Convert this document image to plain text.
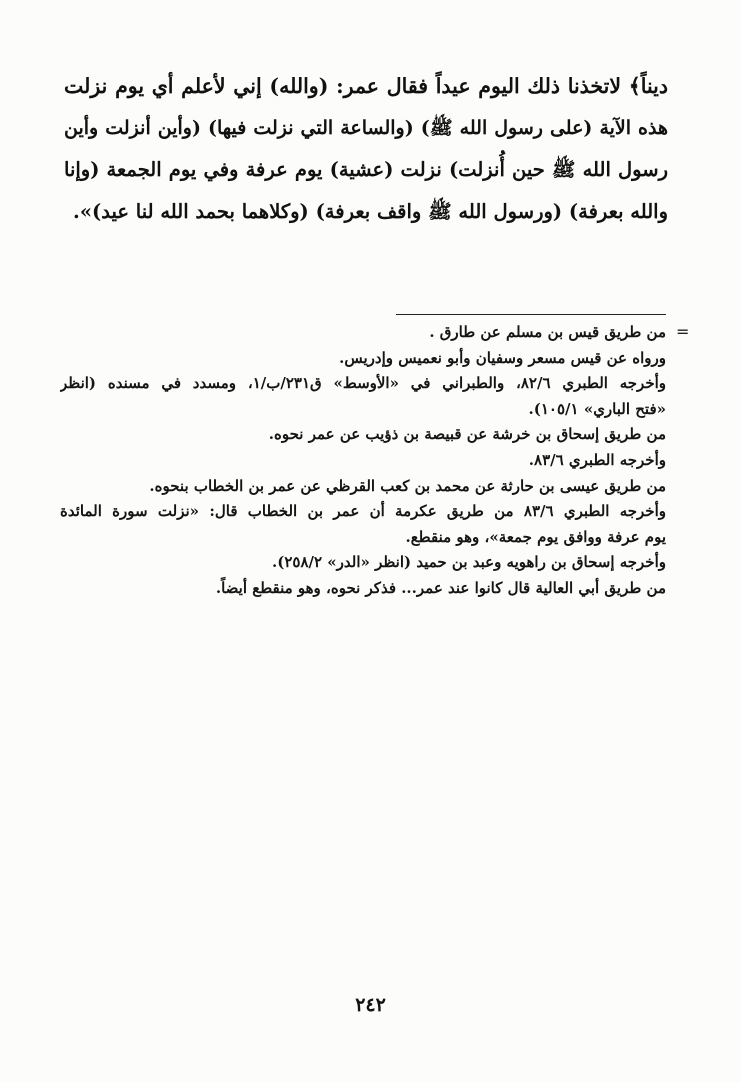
ديناً﴾ لاتخذنا ذلك اليوم عيداً فقال عمر: (والله) إني لأعلم أي يوم نزلت
هذه الآية (على رسول الله ﷺ) (والساعة التي نزلت فيها) (وأين أنزلت وأين
رسول الله ﷺ حين أُنزلت) نزلت (عشية) يوم عرفة وفي يوم الجمعة (وإنا
والله بعرفة) (ورسول الله ﷺ واقف بعرفة) (وكلاهما بحمد الله لنا عيد)».
=
من طريق قيس بن مسلم عن طارق .
ورواه عن قيس مسعر وسفيان وأبو نعميس وإدريس.
وأخرجه الطبري ٨٢/٦، والطبراني في «الأوسط» ق٢٣١/ب/١، ومسدد في مسنده (انظر
«فتح الباري» ١٠٥/١).
من طريق إسحاق بن خرشة عن قبيصة بن ذؤيب عن عمر نحوه.
وأخرجه الطبري ٨٣/٦.
من طريق عيسى بن حارثة عن محمد بن كعب القرظي عن عمر بن الخطاب بنحوه.
وأخرجه الطبري ٨٣/٦ من طريق عكرمة أن عمر بن الخطاب قال: «نزلت سورة المائدة
يوم عرفة ووافق يوم جمعة»، وهو منقطع.
وأخرجه إسحاق بن راهويه وعبد بن حميد (انظر «الدر» ٢٥٨/٢).
من طريق أبي العالية قال كانوا عند عمر... فذكر نحوه، وهو منقطع أيضاً.
٢٤٢
